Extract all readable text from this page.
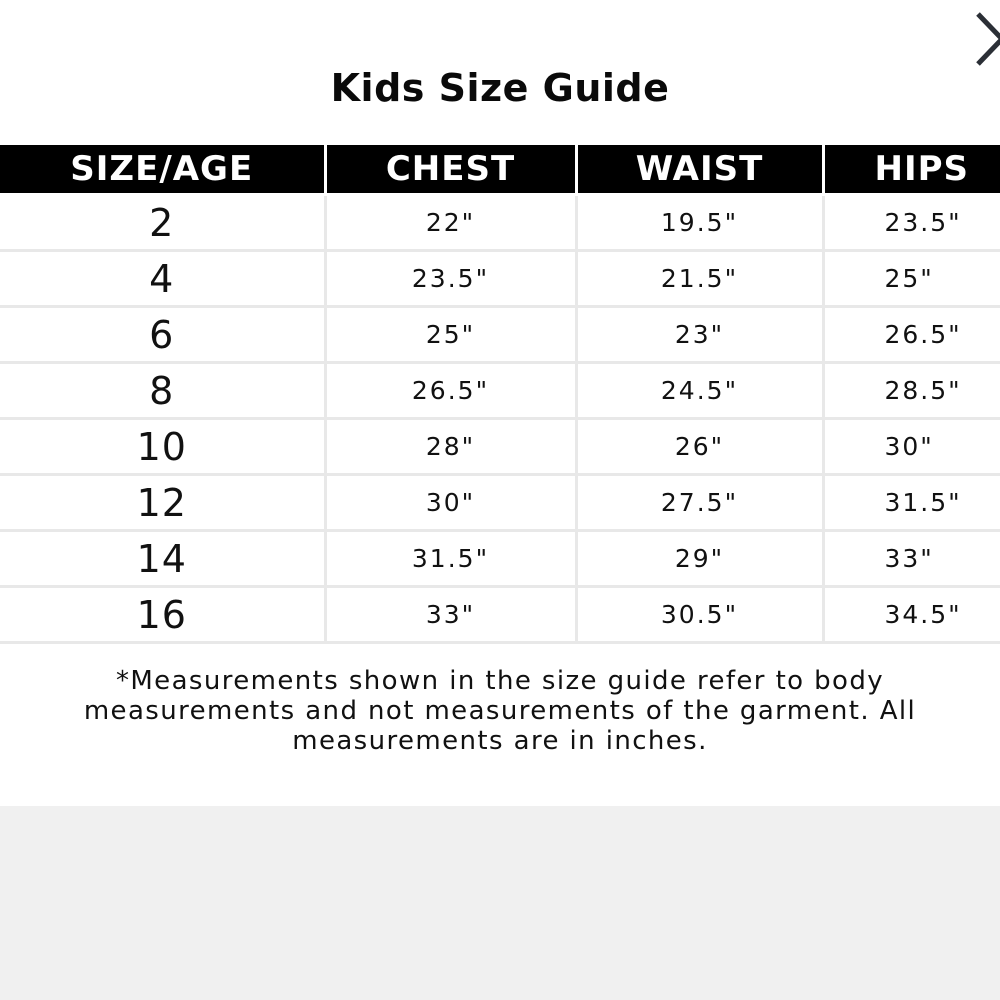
Kids Size Guide
SIZE/AGE	CHEST	WAIST	HIPS
2	22"	19.5"	23.5"
4	23.5"	21.5"	25"
6	25"	23"	26.5"
8	26.5"	24.5"	28.5"
10	28"	26"	30"
12	30"	27.5"	31.5"
14	31.5"	29"	33"
16	33"	30.5"	34.5"
*Measurements shown in the size guide refer to body measurements and not measurements of the garment. All measurements are in inches.
